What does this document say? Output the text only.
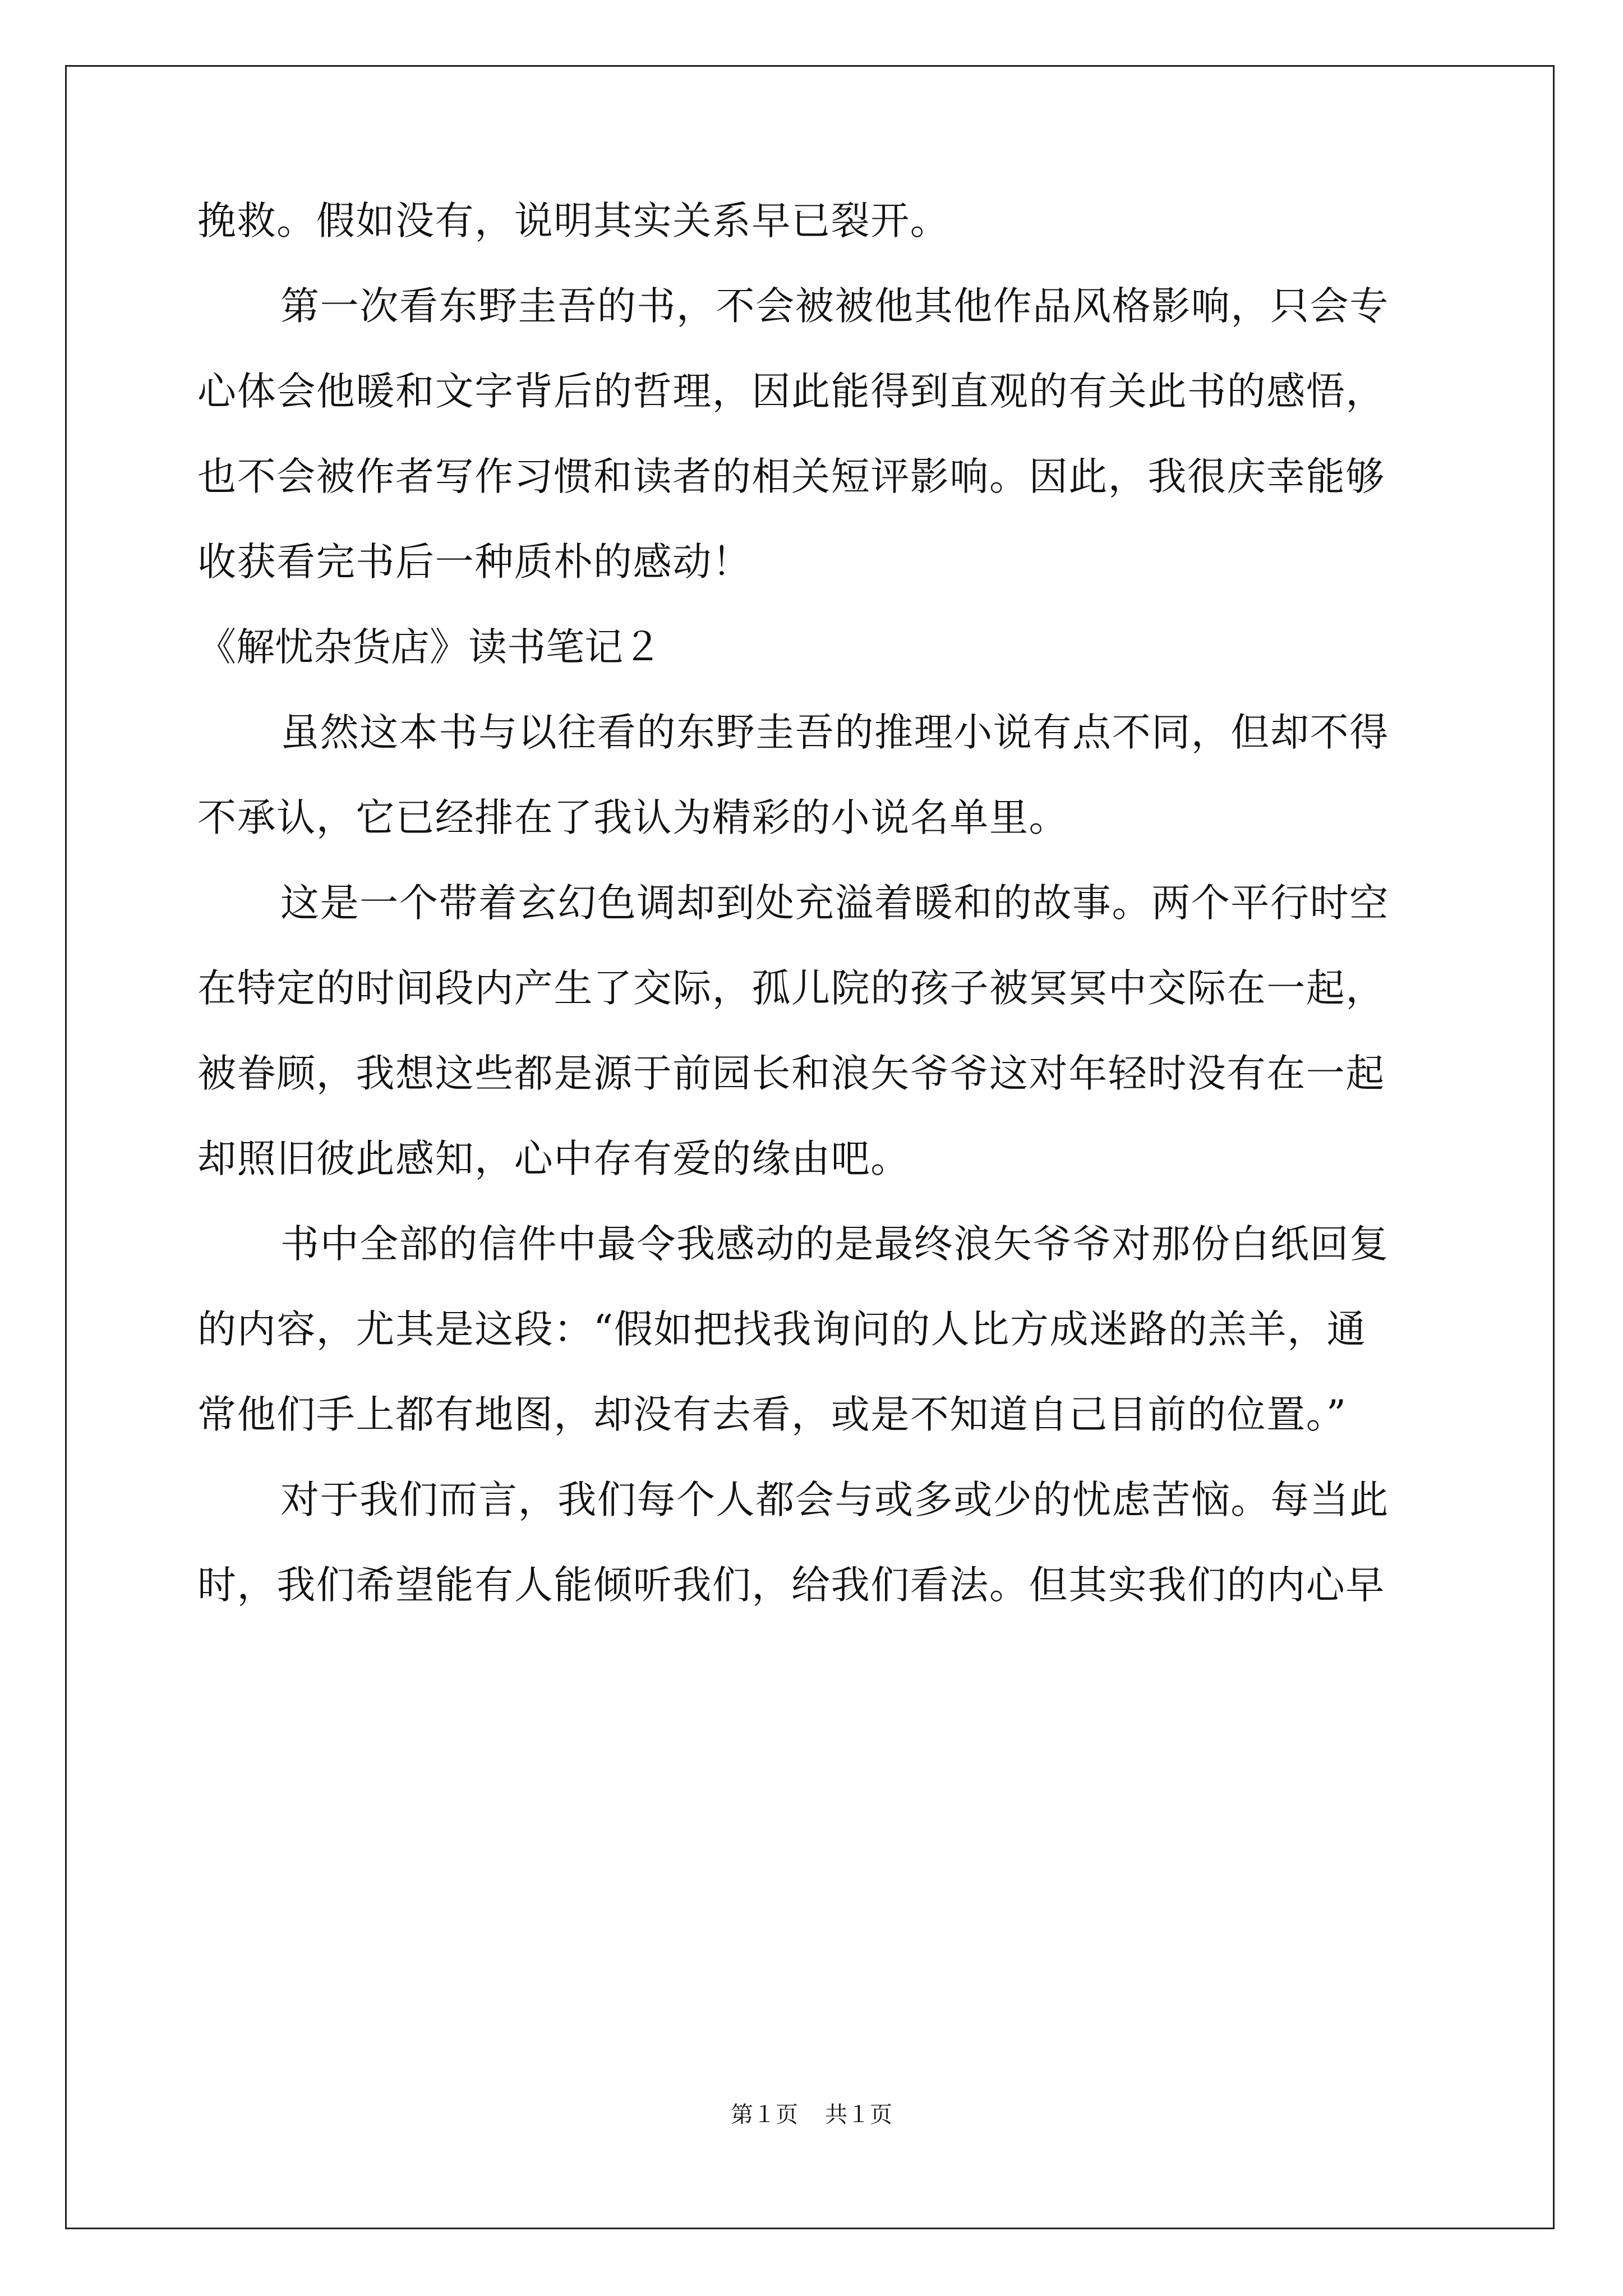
挽救。假如没有，说明其实关系早已裂开。
第一次看东野圭吾的书，不会被被他其他作品风格影响，只会专
心体会他暖和文字背后的哲理，因此能得到直观的有关此书的感悟，
也不会被作者写作习惯和读者的相关短评影响。因此，我很庆幸能够
收获看完书后一种质朴的感动！
《解忧杂货店》读书笔记２
虽然这本书与以往看的东野圭吾的推理小说有点不同，但却不得
不承认，它已经排在了我认为精彩的小说名单里。
这是一个带着玄幻色调却到处充溢着暖和的故事。两个平行时空
在特定的时间段内产生了交际，孤儿院的孩子被冥冥中交际在一起，
被眷顾，我想这些都是源于前园长和浪矢爷爷这对年轻时没有在一起
却照旧彼此感知，心中存有爱的缘由吧。
书中全部的信件中最令我感动的是最终浪矢爷爷对那份白纸回复
的内容，尤其是这段：“假如把找我询问的人比方成迷路的羔羊，通
常他们手上都有地图，却没有去看，或是不知道自己目前的位置。”
对于我们而言，我们每个人都会与或多或少的忧虑苦恼。每当此
时，我们希望能有人能倾听我们，给我们看法。但其实我们的内心早
第１页 共１页
